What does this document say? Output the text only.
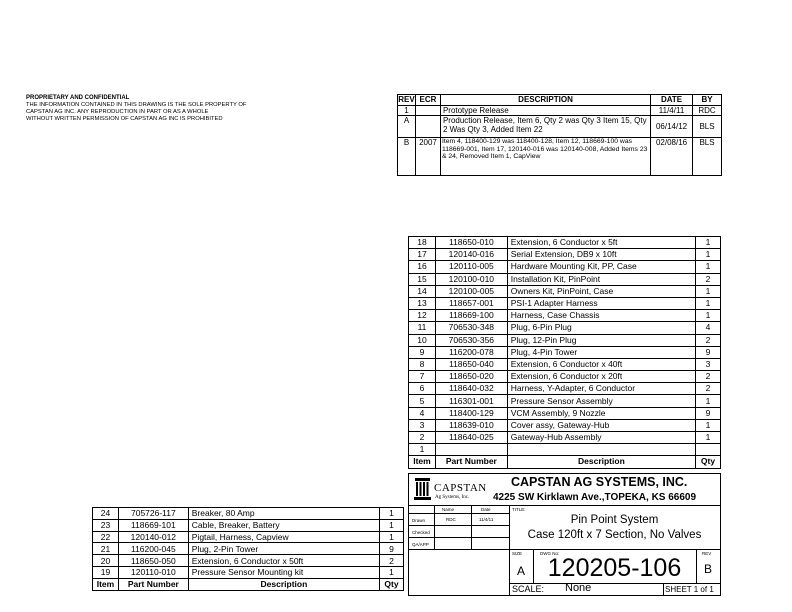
PROPRIETARY AND CONFIDENTIAL
THE INFORMATION CONTAINED IN THIS DRAWING IS THE SOLE PROPERTY OF
CAPSTAN AG INC. ANY REPRODUCTION IN PART OR AS A WHOLE
WITHOUT WRITTEN PERMISSION OF CAPSTAN AG INC IS PROHIBITED
REV	ECR	DESCRIPTION	DATE	BY
1		Prototype Release	11/4/11	RDC
A		Production Release, Item 6, Qty 2 was Qty 3 Item 15, Qty 2 Was Qty 3, Added Item 22	06/14/12	BLS
B	2007	Item 4, 118400-129 was 118400-128, Item 12, 118669-100 was 118669-001, Item 17, 120140-016 was 120140-008, Added Items 23 & 24, Removed Item 1, CapView	02/08/16	BLS
18	118650-010	Extension, 6 Conductor x 5ft	1
17	120140-016	Serial Extension, DB9 x 10ft	1
16	120110-005	Hardware Mounting Kit, PP, Case	1
15	120100-010	Installation Kit, PinPoint	2
14	120100-005	Owners Kit, PinPoint, Case	1
13	118657-001	PSI-1 Adapter Harness	1
12	118669-100	Harness, Case Chassis	1
11	706530-348	Plug, 6-Pin Plug	4
10	706530-356	Plug, 12-Pin Plug	2
9	116200-078	Plug, 4-Pin Tower	9
8	118650-040	Extension, 6 Conductor x 40ft	3
7	118650-020	Extension, 6 Conductor x 20ft	2
6	118640-032	Harness, Y-Adapter, 6 Conductor	2
5	116301-001	Pressure Sensor Assembly	1
4	118400-129	VCM Assembly, 9 Nozzle	9
3	118639-010	Cover assy, Gateway-Hub	1
2	118640-025	Gateway-Hub Assembly	1
1			
Item	Part Number	Description	Qty
24	705726-117	Breaker, 80 Amp	1
23	118669-101	Cable, Breaker, Battery	1
22	120140-012	Pigtail, Harness, Capview	1
21	116200-045	Plug, 2-Pin Tower	9
20	118650-050	Extension, 6 Conductor x 50ft	2
19	120110-010	Pressure Sensor Mounting kit	1
Item	Part Number	Description	Qty
CAPSTAN
Ag Systems, Inc.
CAPSTAN AG SYSTEMS, INC.
4225 SW Kirklawn Ave.,TOPEKA, KS 66609
Name	Date
Drawn	RDC	11/4/11
Checked
QA/APP
TITLE:
Pin Point System
Case 120ft x 7 Section, No Valves
SIZE
A
DWG No:
120205-106
REV
B
SCALE: None	SHEET 1 of 1
